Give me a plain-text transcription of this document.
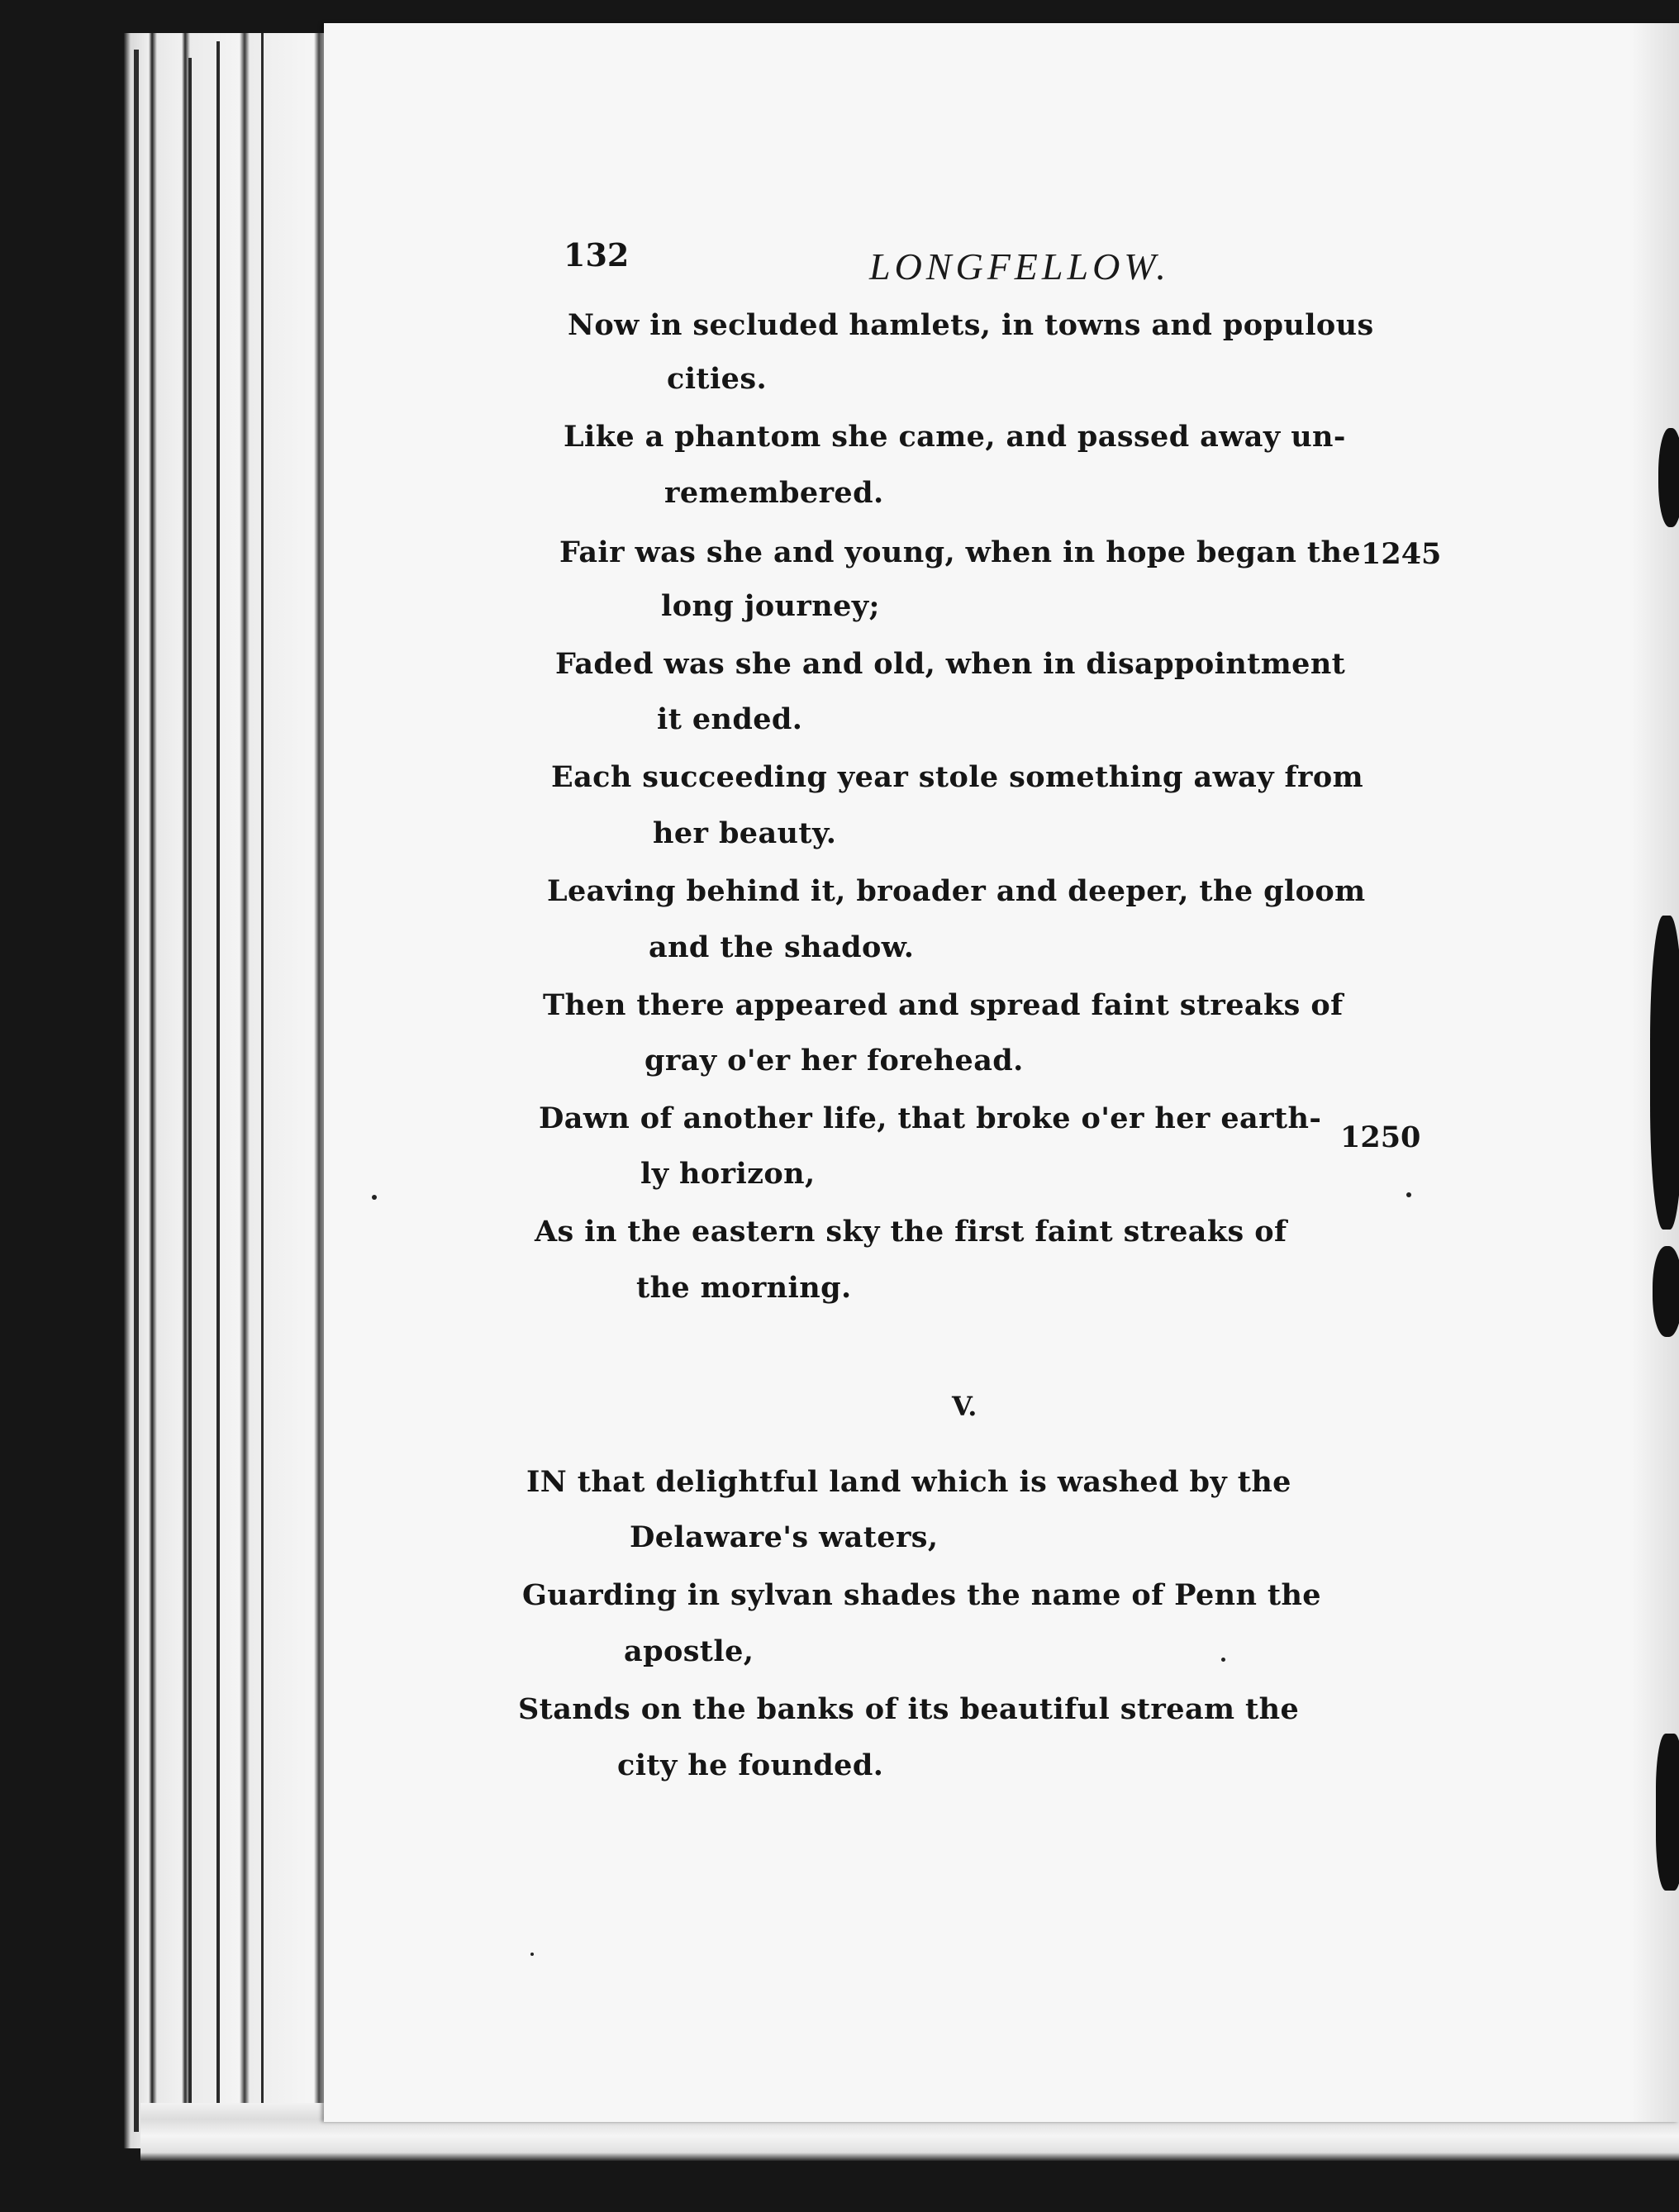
132	LONGFELLOW.
Now in secluded hamlets, in towns and populous
cities.
Like a phantom she came, and passed away un-
remembered.
Fair was she and young, when in hope began the 1245
long journey;
Faded was she and old, when in disappointment
it ended.
Each succeeding year stole something away from
her beauty.
Leaving behind it, broader and deeper, the gloom
and the shadow.
Then there appeared and spread faint streaks of
gray o'er her forehead.
Dawn of another life, that broke o'er her earth-
1250
ly horizon,
As in the eastern sky the first faint streaks of
the morning.
V.
IN that delightful land which is washed by the
Delaware's waters,
Guarding in sylvan shades the name of Penn the
apostle,
Stands on the banks of its beautiful stream the
city he founded.
